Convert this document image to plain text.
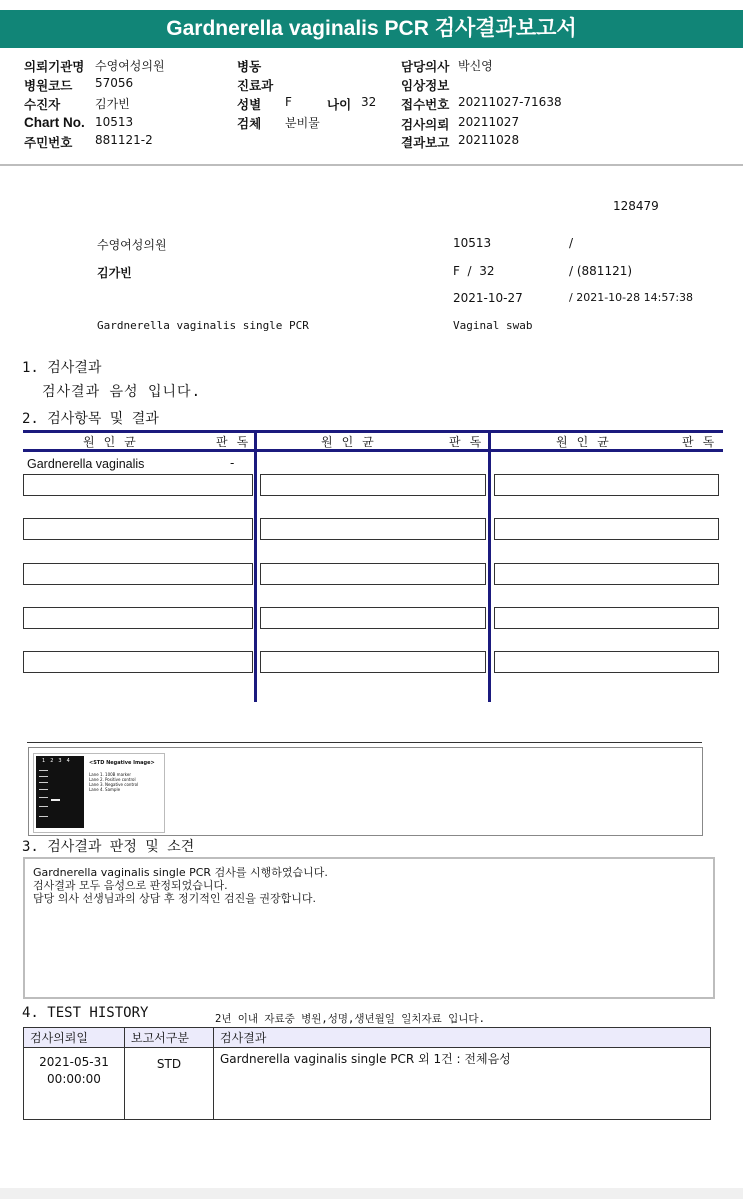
Gardnerella vaginalis PCR 검사결과보고서
의뢰기관명 수영여성의원
병원코드 57056
수진자	김가빈
Chart No. 10513
주민번호 881121-2
병동
진료과
성별 F	나이 32
검체 분비물
담당의사 박신영
임상정보
접수번호 20211027-71638
검사의뢰 20211027
결과보고 20211028
128479
수영여성의원	10513	/
김가빈	F  /  32	/ (881121)
2021-10-27	/ 2021-10-28 14:57:38
Gardnerella vaginalis single PCR	Vaginal swab
1. 검사결과
검사결과 음성 입니다.
2. 검사항목 및 결과
원인균	판독	원인균	판독	원인균	판독
Gardnerella vaginalis	-
1234	<STD Negative Image>
Lane 1. 100B marker
Lane 2. Positive control
Lane 3. Negative control
Lane 4. Sample
3. 검사결과 판정 및 소견
Gardnerella vaginalis single PCR 검사를 시행하였습니다.
검사결과 모두 음성으로 판정되었습니다.
담당 의사 선생님과의 상담 후 정기적인 검진을 권장합니다.
4. TEST HISTORY	2년 이내 자료중 병원,성명,생년월일 일치자료 입니다.
검사의뢰일	보고서구분	검사결과

2021-05-31
00:00:00	STD	Gardnerella vaginalis single PCR 외 1건 : 전체음성
